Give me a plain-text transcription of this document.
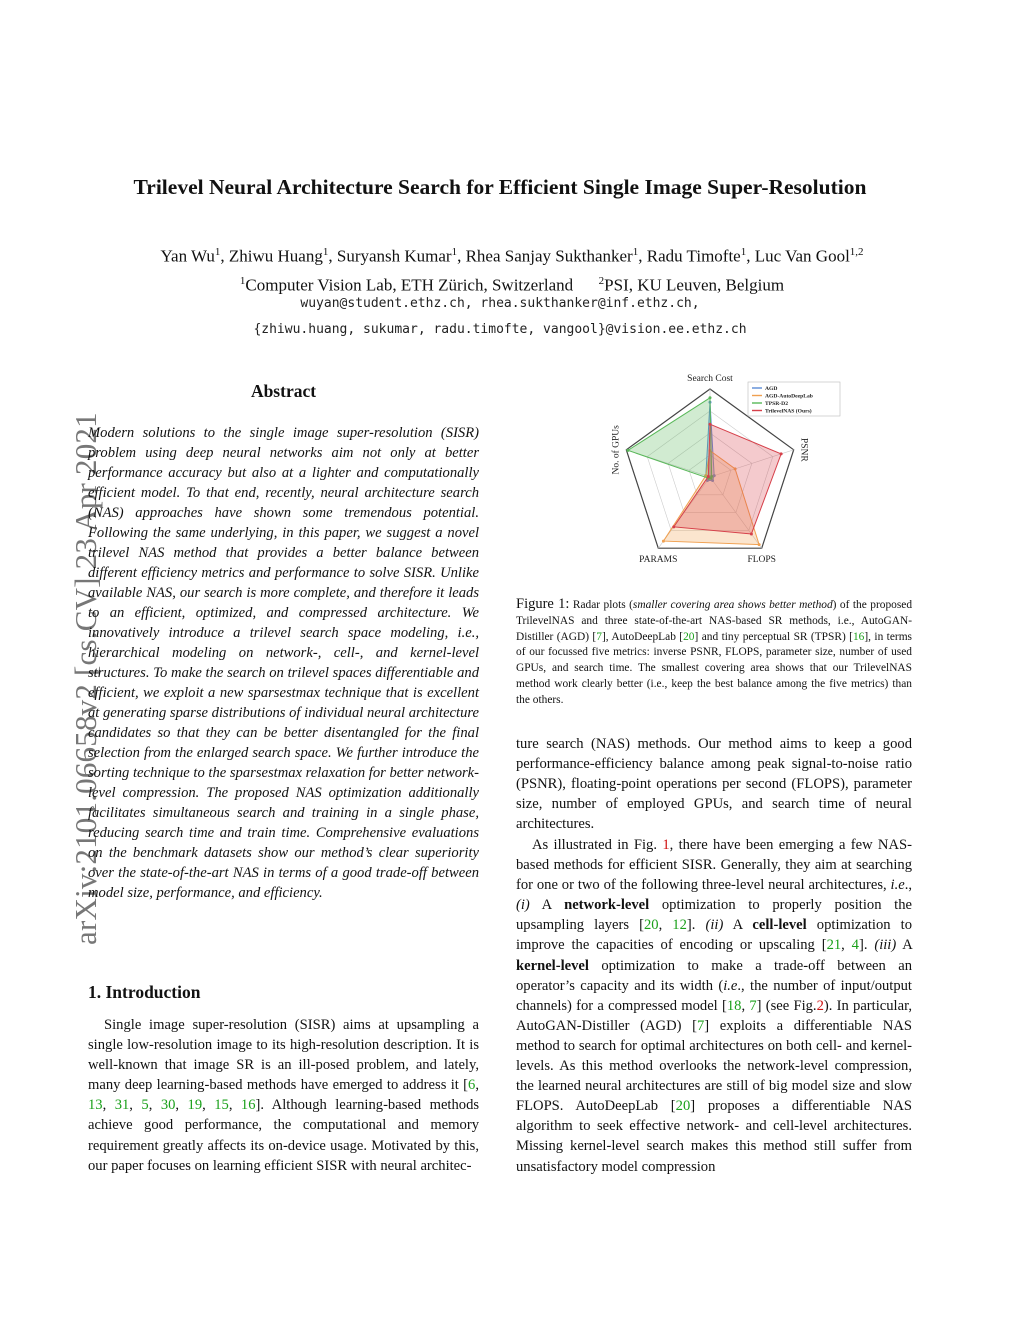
Trilevel Neural Architecture Search for Efficient Single Image Super-Resolution
Yan Wu$^1$, Zhiwu Huang$^1$, Suryansh Kumar$^1$, Rhea Sanjay Sukthanker$^1$, Radu Timofte$^1$, Luc Van Gool$^{1,2}$
$^1$Computer Vision Lab, ETH Zürich, Switzerland $^2$PSI, KU Leuven, Belgium
wuyan@student.ethz.ch, rhea.sukthanker@inf.ethz.ch,
{zhiwu.huang, sukumar, radu.timofte, vangool}@vision.ee.ethz.ch
arXiv:2101.06658v2 [cs.CV] 23 Apr 2021
Abstract
Modern solutions to the single image super-resolution (SISR) problem using deep neural networks aim not only at better performance accuracy but also at a lighter and computationally efficient model. To that end, recently, neural architecture search (NAS) approaches have shown some tremendous potential. Following the same underlying, in this paper, we suggest a novel trilevel NAS method that provides a better balance between different efficiency metrics and performance to solve SISR. Unlike available NAS, our search is more complete, and therefore it leads to an efficient, optimized, and compressed architecture. We innovatively introduce a trilevel search space modeling, i.e., hierarchical modeling on network-, cell-, and kernel-level structures. To make the search on trilevel spaces differentiable and efficient, we exploit a new sparsestmax technique that is excellent at generating sparse distributions of individual neural architecture candidates so that they can be better disentangled for the final selection from the enlarged search space. We further introduce the sorting technique to the sparsestmax relaxation for better network-level compression. The proposed NAS optimization additionally facilitates simultaneous search and training in a single phase, reducing search time and train time. Comprehensive evaluations on the benchmark datasets show our method’s clear superiority over the state-of-the-art NAS in terms of a good trade-off between model size, performance, and efficiency.
1. Introduction
Single image super-resolution (SISR) aims at upsampling a single low-resolution image to its high-resolution description. It is well-known that image SR is an ill-posed problem, and lately, many deep learning-based methods have emerged to address it [6, 13, 31, 5, 30, 19, 15, 16]. Although learning-based methods achieve good performance, the computational and memory requirement greatly affects its on-device usage. Motivated by this, our paper focuses on learning efficient SISR with neural architec-
Search Cost
PSNR
FLOPS
PARAMS
No. of GPUs
AGD
AGD-AutoDeepLab
TPSR-D2
TrilevelNAS (Ours)
Figure 1: Radar plots (smaller covering area shows better method) of the proposed TrilevelNAS and three state-of-the-art NAS-based SR methods, i.e., AutoGAN-Distiller (AGD) [7], AutoDeepLab [20] and tiny perceptual SR (TPSR) [16], in terms of our focussed five metrics: inverse PSNR, FLOPS, parameter size, number of used GPUs, and search time. The smallest covering area shows that our TrilevelNAS method work clearly better (i.e., keep the best balance among the five metrics) than the others.
ture search (NAS) methods. Our method aims to keep a good performance-efficiency balance among peak signal-to-noise ratio (PSNR), floating-point operations per second (FLOPS), parameter size, number of employed GPUs, and search time of neural architectures.
As illustrated in Fig. 1, there have been emerging a few NAS-based methods for efficient SISR. Generally, they aim at searching for one or two of the following three-level neural architectures, i.e., (i) A network-level optimization to properly position the upsampling layers [20, 12]. (ii) A cell-level optimization to improve the capacities of encoding or upscaling [21, 4]. (iii) A kernel-level optimization to make a trade-off between an operator’s capacity and its width (i.e., the number of input/output channels) for a compressed model [18, 7] (see Fig.2). In particular, AutoGAN-Distiller (AGD) [7] exploits a differentiable NAS method to search for optimal architectures on both cell- and kernel-levels. As this method overlooks the network-level compression, the learned neural architectures are still of big model size and slow FLOPS. AutoDeepLab [20] proposes a differentiable NAS algorithm to seek effective network- and cell-level architectures. Missing kernel-level search makes this method still suffer from unsatisfactory model compression
